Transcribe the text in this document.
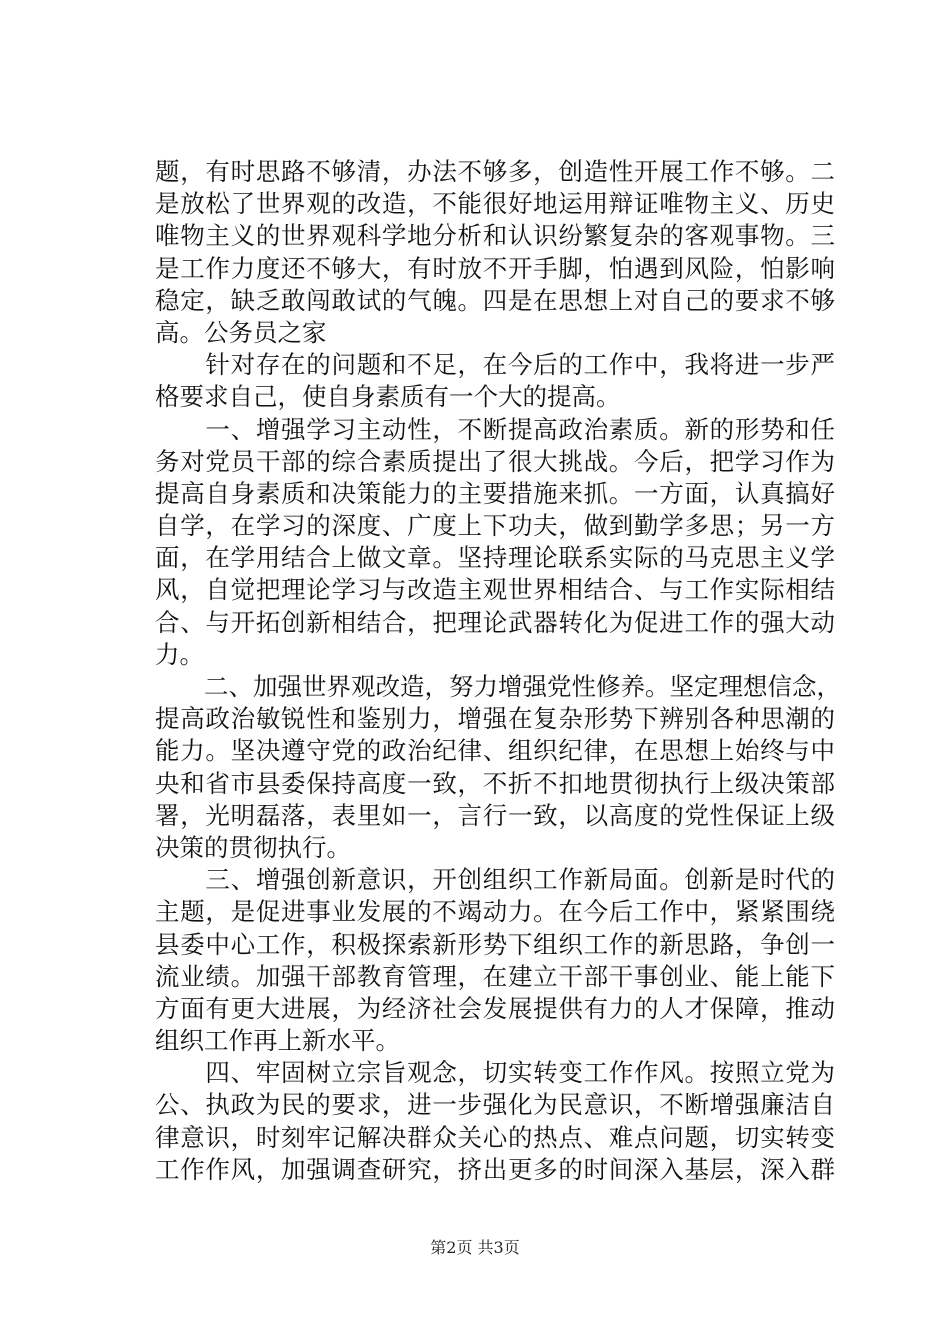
题，有时思路不够清，办法不够多，创造性开展工作不够。二
是放松了世界观的改造，不能很好地运用辩证唯物主义、历史
唯物主义的世界观科学地分析和认识纷繁复杂的客观事物。三
是工作力度还不够大，有时放不开手脚，怕遇到风险，怕影响
稳定，缺乏敢闯敢试的气魄。四是在思想上对自己的要求不够
高。公务员之家
　　针对存在的问题和不足，在今后的工作中，我将进一步严
格要求自己，使自身素质有一个大的提高。
　　一、增强学习主动性，不断提高政治素质。新的形势和任
务对党员干部的综合素质提出了很大挑战。今后，把学习作为
提高自身素质和决策能力的主要措施来抓。一方面，认真搞好
自学，在学习的深度、广度上下功夫，做到勤学多思；另一方
面，在学用结合上做文章。坚持理论联系实际的马克思主义学
风，自觉把理论学习与改造主观世界相结合、与工作实际相结
合、与开拓创新相结合，把理论武器转化为促进工作的强大动
力。
　　二、加强世界观改造，努力增强党性修养。坚定理想信念，
提高政治敏锐性和鉴别力，增强在复杂形势下辨别各种思潮的
能力。坚决遵守党的政治纪律、组织纪律，在思想上始终与中
央和省市县委保持高度一致，不折不扣地贯彻执行上级决策部
署，光明磊落，表里如一，言行一致，以高度的党性保证上级
决策的贯彻执行。
　　三、增强创新意识，开创组织工作新局面。创新是时代的
主题，是促进事业发展的不竭动力。在今后工作中，紧紧围绕
县委中心工作，积极探索新形势下组织工作的新思路，争创一
流业绩。加强干部教育管理，在建立干部干事创业、能上能下
方面有更大进展，为经济社会发展提供有力的人才保障，推动
组织工作再上新水平。
　　四、牢固树立宗旨观念，切实转变工作作风。按照立党为
公、执政为民的要求，进一步强化为民意识，不断增强廉洁自
律意识，时刻牢记解决群众关心的热点、难点问题，切实转变
工作作风，加强调查研究，挤出更多的时间深入基层，深入群
第2页 共3页
